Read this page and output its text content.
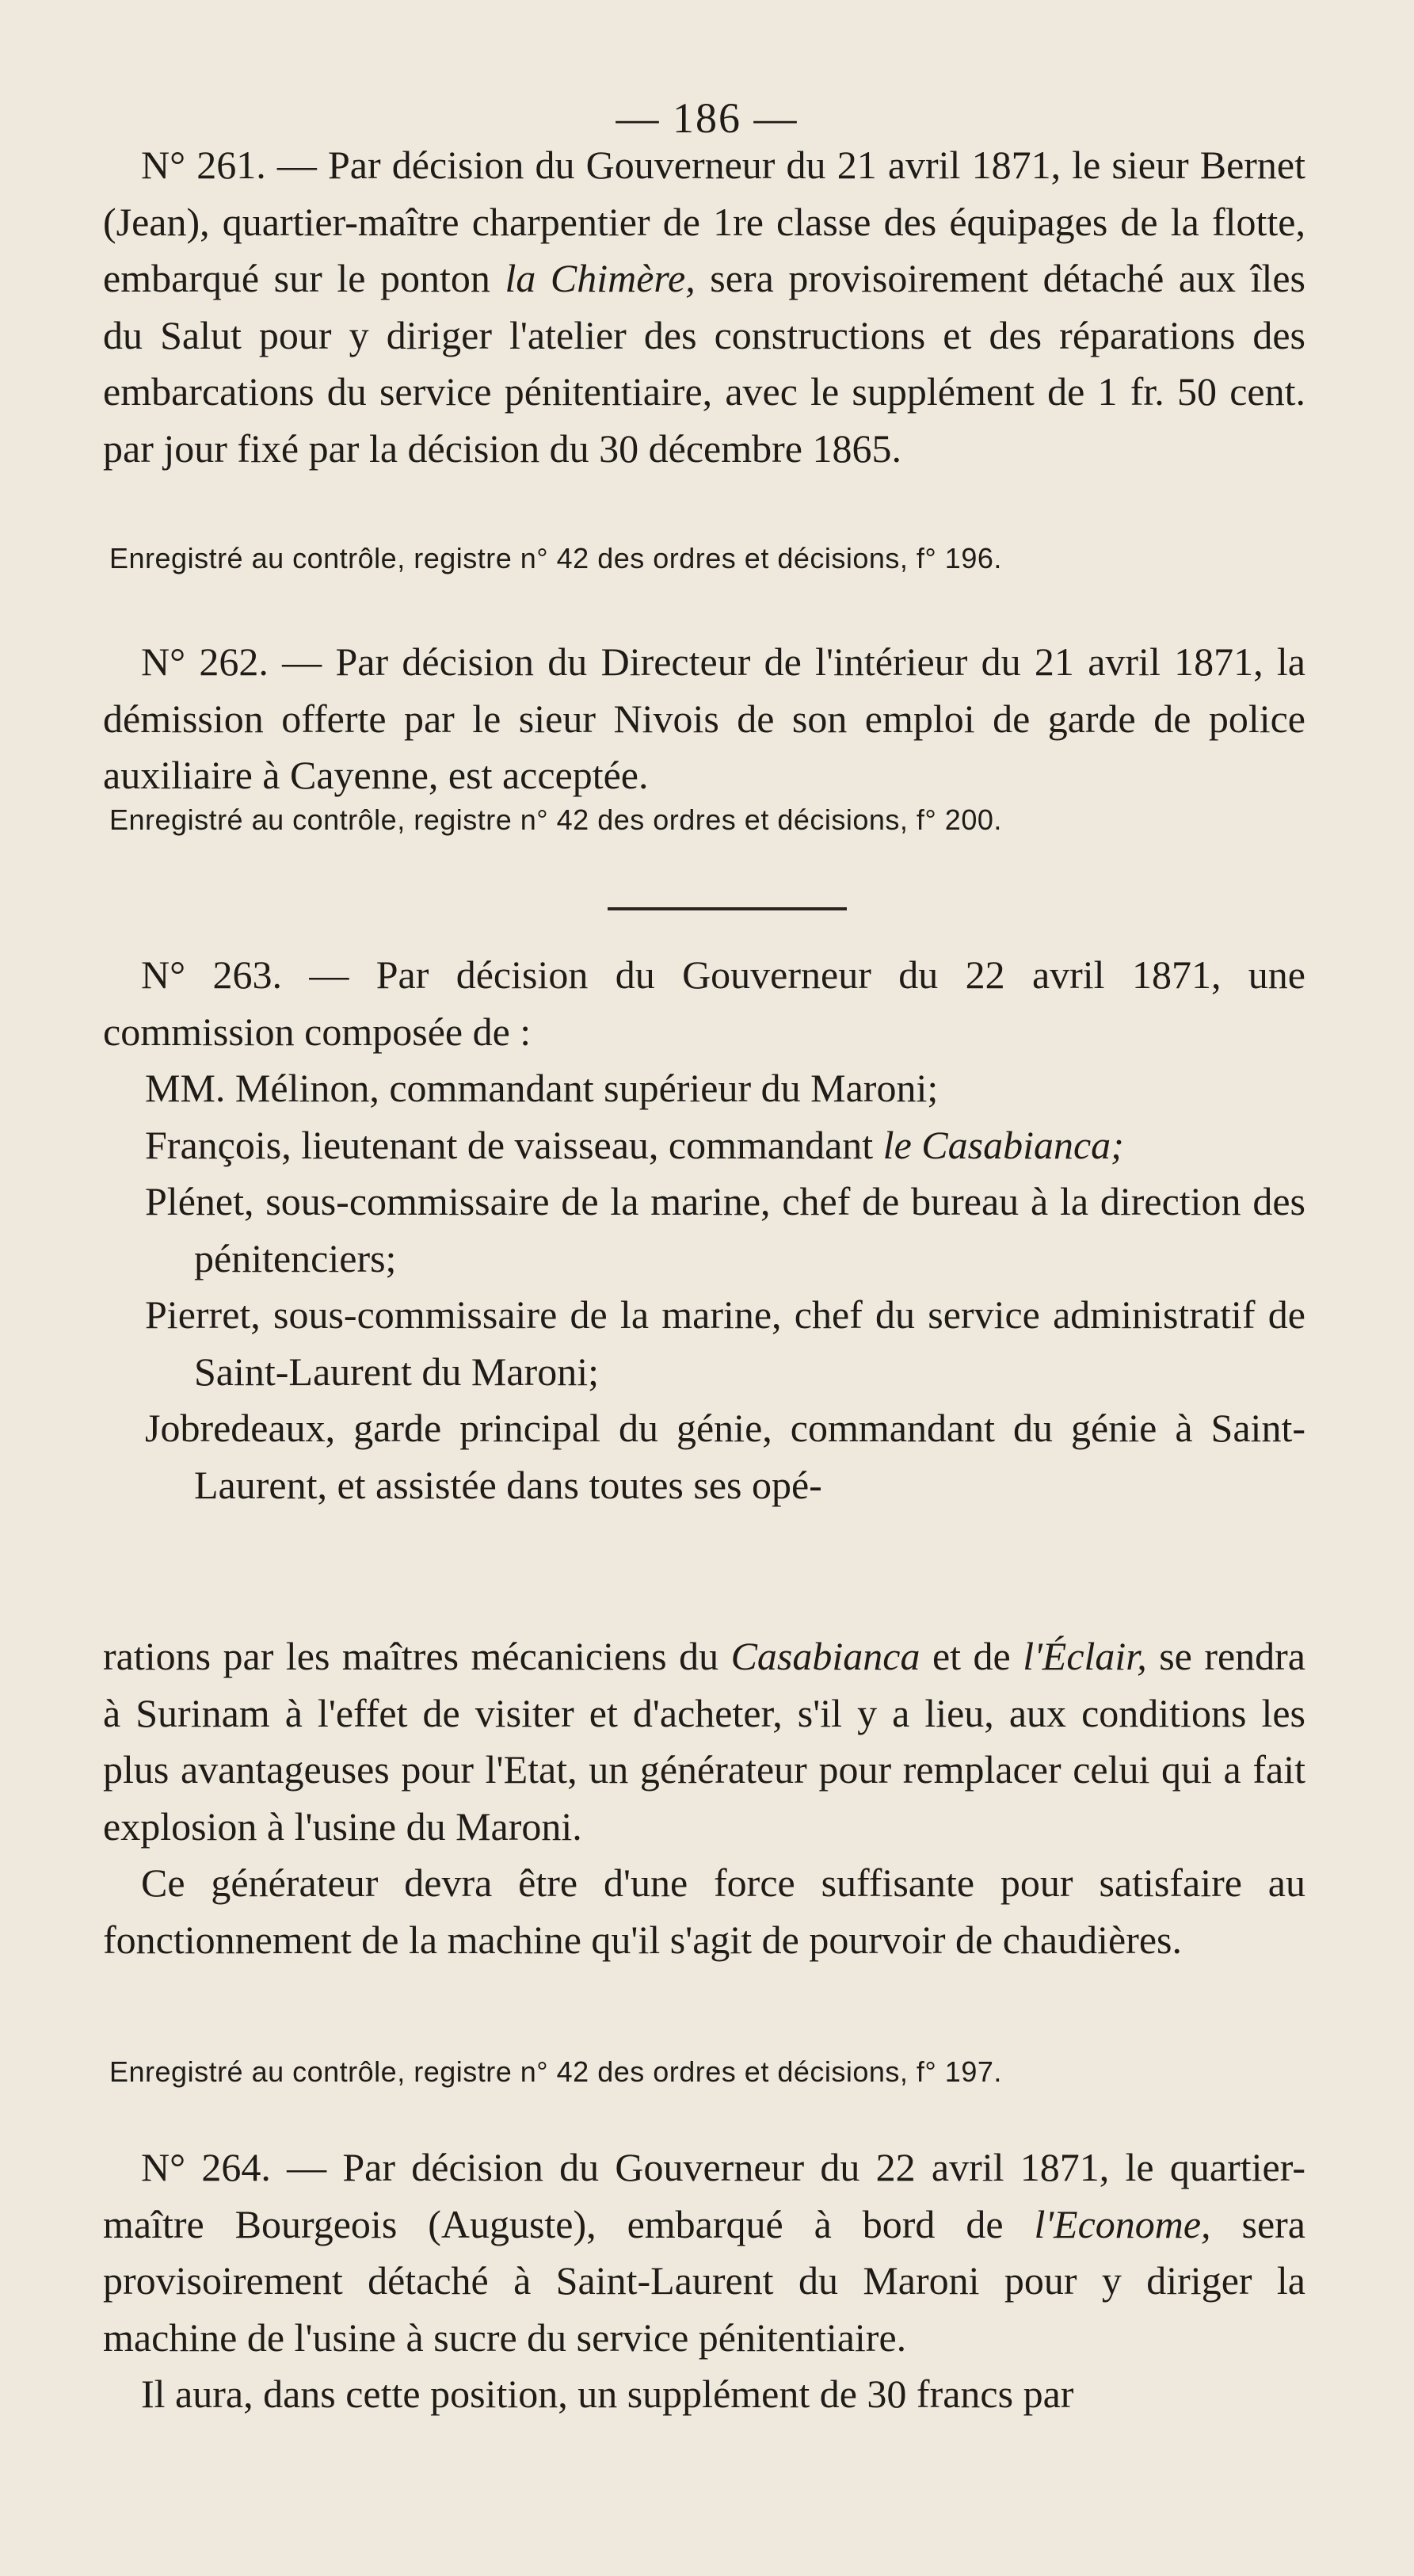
— 186 —
N° 261. — Par décision du Gouverneur du 21 avril 1871, le sieur Bernet (Jean), quartier-maître charpentier de 1re classe des équipages de la flotte, embarqué sur le ponton la Chimère, sera provisoirement détaché aux îles du Salut pour y diriger l'atelier des constructions et des réparations des embarcations du service pénitentiaire, avec le supplément de 1 fr. 50 cent. par jour fixé par la décision du 30 décembre 1865.
Enregistré au contrôle, registre n° 42 des ordres et décisions, f° 196.
N° 262. — Par décision du Directeur de l'intérieur du 21 avril 1871, la démission offerte par le sieur Nivois de son emploi de garde de police auxiliaire à Cayenne, est acceptée.
Enregistré au contrôle, registre n° 42 des ordres et décisions, f° 200.
N° 263. — Par décision du Gouverneur du 22 avril 1871, une commission composée de :

MM. Mélinon, commandant supérieur du Maroni;

François, lieutenant de vaisseau, commandant le Casabianca;

Plénet, sous-commissaire de la marine, chef de bureau à la direction des pénitenciers;

Pierret, sous-commissaire de la marine, chef du service administratif de Saint-Laurent du Maroni;

Jobredeaux, garde principal du génie, commandant du génie à Saint-Laurent, et assistée dans toutes ses opé-

rations par les maîtres mécaniciens du Casabianca et de l'Éclair, se rendra à Surinam à l'effet de visiter et d'acheter, s'il y a lieu, aux conditions les plus avantageuses pour l'Etat, un générateur pour remplacer celui qui a fait explosion à l'usine du Maroni.
Ce générateur devra être d'une force suffisante pour satisfaire au fonctionnement de la machine qu'il s'agit de pourvoir de chaudières.
Enregistré au contrôle, registre n° 42 des ordres et décisions, f° 197.
N° 264. — Par décision du Gouverneur du 22 avril 1871, le quartier-maître Bourgeois (Auguste), embarqué à bord de l'Econome, sera provisoirement détaché à Saint-Laurent du Maroni pour y diriger la machine de l'usine à sucre du service pénitentiaire.
Il aura, dans cette position, un supplément de 30 francs par
